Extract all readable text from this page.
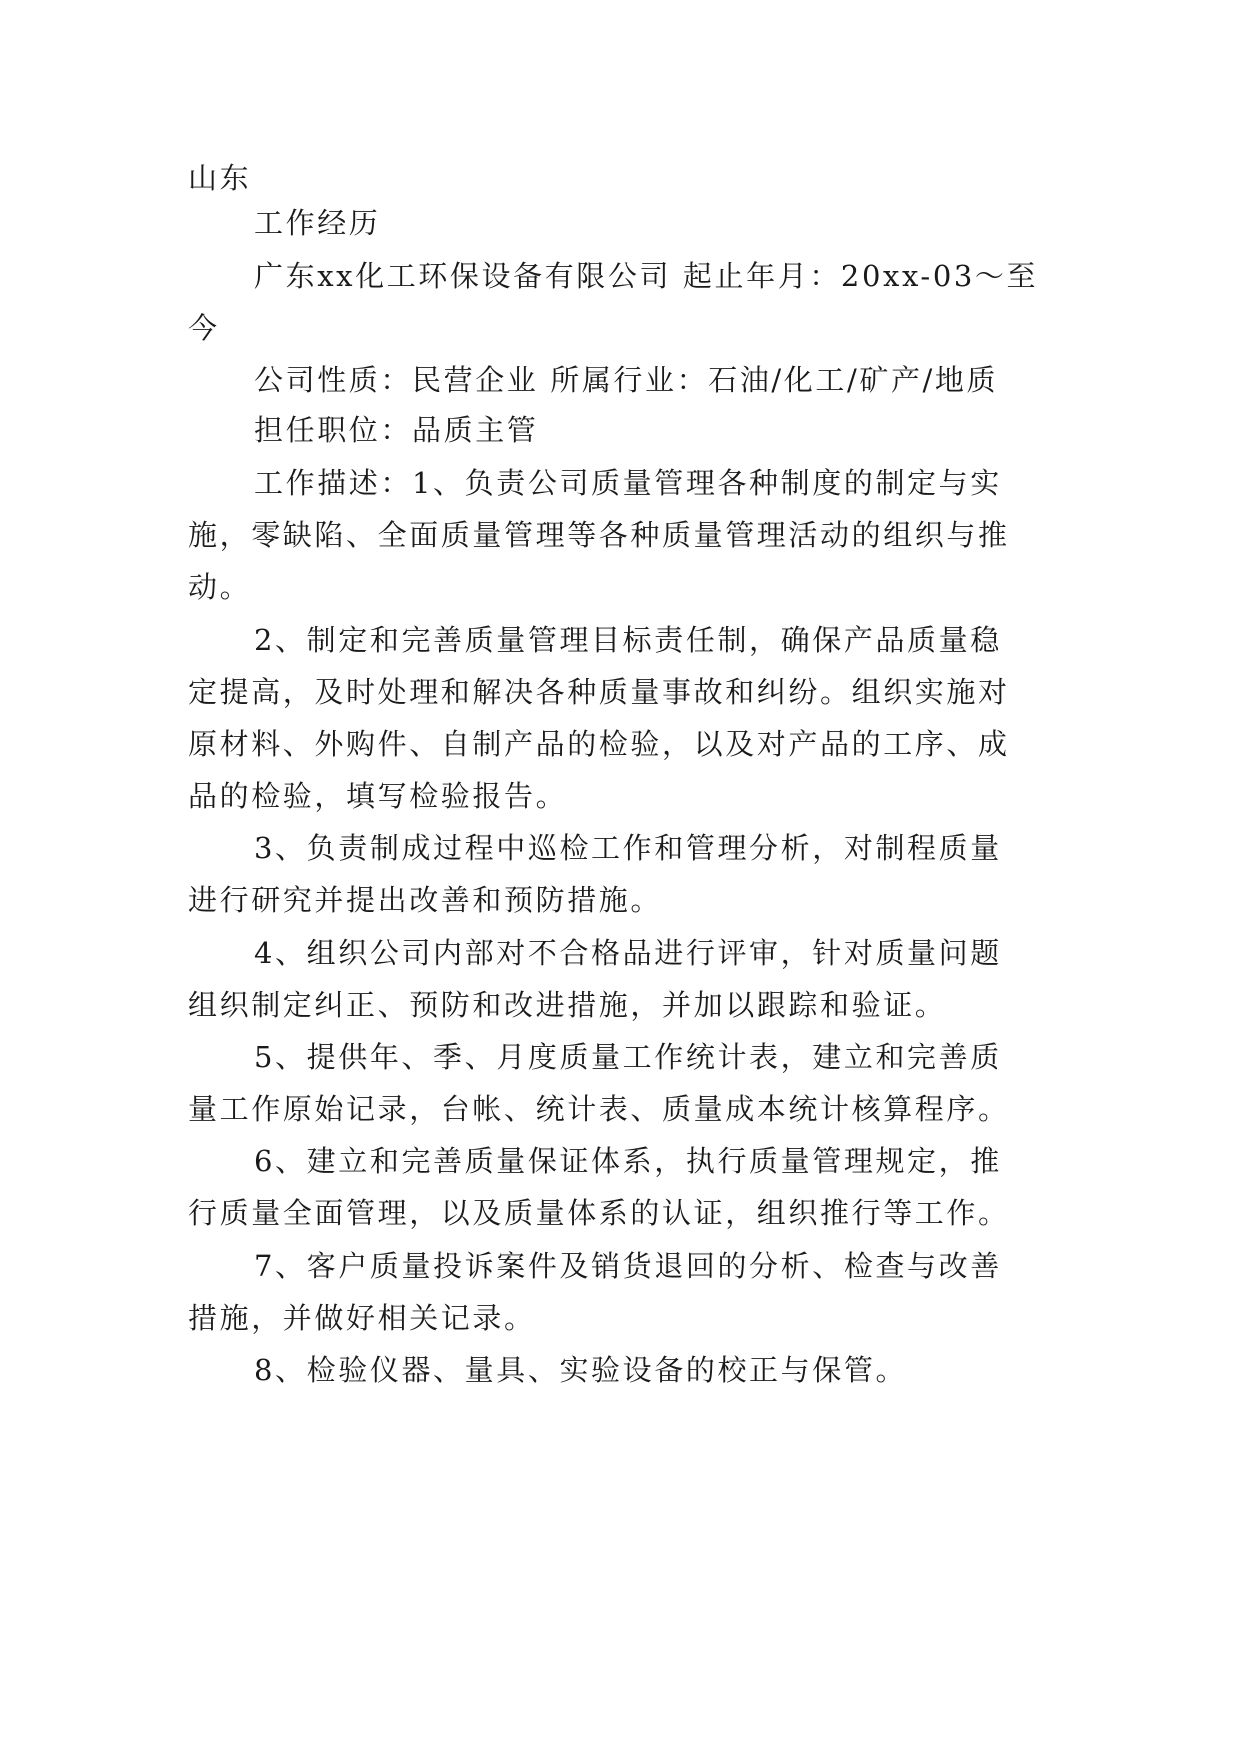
山东
工作经历
广东xx化工环保设备有限公司 起止年月：20xx-03～至
今
公司性质：民营企业 所属行业：石油/化工/矿产/地质
担任职位：品质主管
工作描述：1、负责公司质量管理各种制度的制定与实
施，零缺陷、全面质量管理等各种质量管理活动的组织与推
动。
2、制定和完善质量管理目标责任制，确保产品质量稳
定提高，及时处理和解决各种质量事故和纠纷。组织实施对
原材料、外购件、自制产品的检验，以及对产品的工序、成
品的检验，填写检验报告。
3、负责制成过程中巡检工作和管理分析，对制程质量
进行研究并提出改善和预防措施。
4、组织公司内部对不合格品进行评审，针对质量问题
组织制定纠正、预防和改进措施，并加以跟踪和验证。
5、提供年、季、月度质量工作统计表，建立和完善质
量工作原始记录，台帐、统计表、质量成本统计核算程序。
6、建立和完善质量保证体系，执行质量管理规定，推
行质量全面管理，以及质量体系的认证，组织推行等工作。
7、客户质量投诉案件及销货退回的分析、检查与改善
措施，并做好相关记录。
8、检验仪器、量具、实验设备的校正与保管。
